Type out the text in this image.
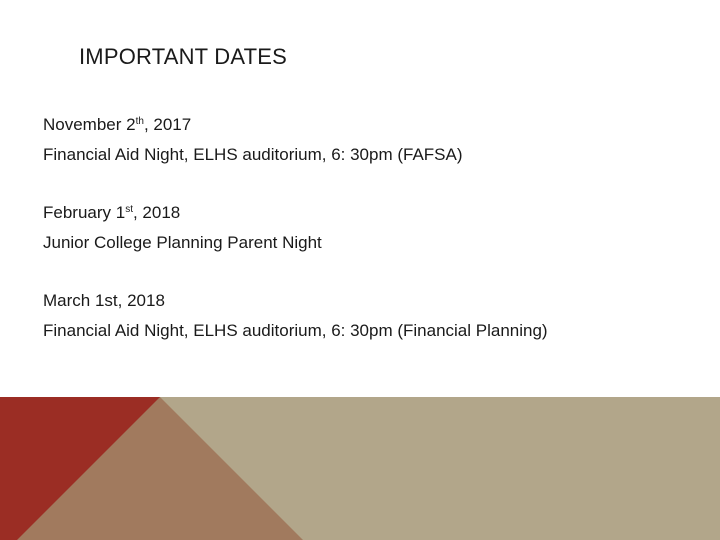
IMPORTANT DATES
November 2th, 2017
Financial Aid Night, ELHS auditorium, 6: 30pm (FAFSA)
February 1st, 2018
Junior College Planning Parent Night
March 1st, 2018
Financial Aid Night, ELHS auditorium, 6: 30pm (Financial Planning)
